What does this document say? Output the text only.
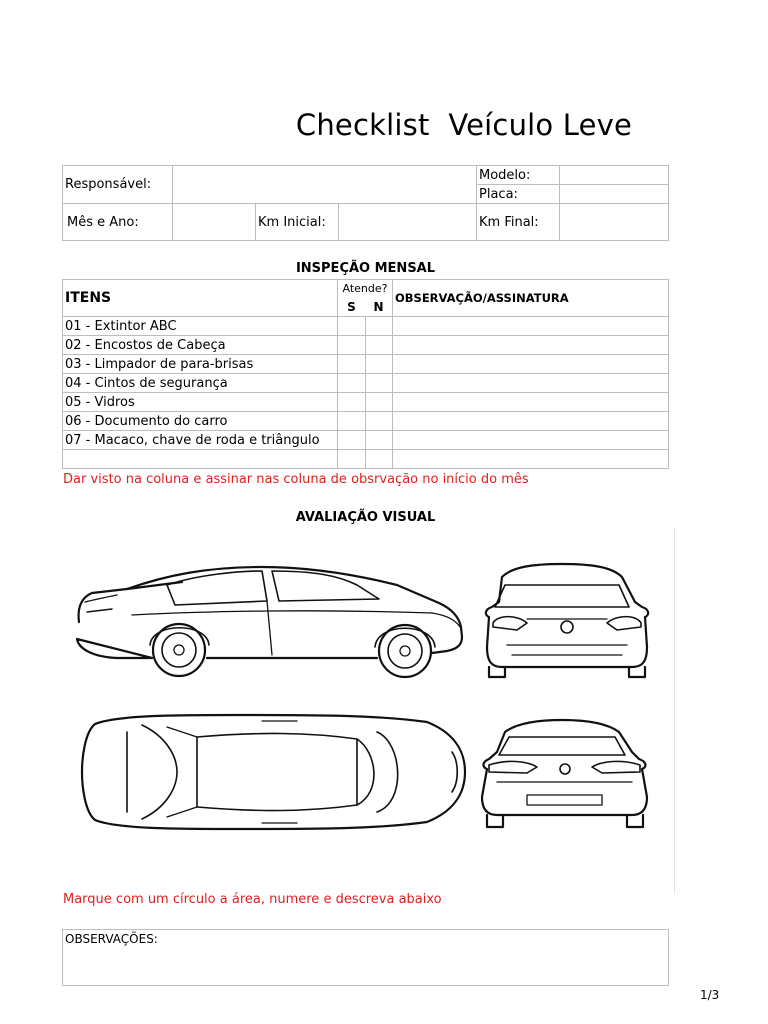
Checklist  Veículo Leve
Responsável:				Modelo:	
				Placa:	
Mês e Ano:		Km Inicial:		Km Final:	
INSPEÇÃO MENSAL
ITENS	Atende?		OBSERVAÇÃO/ASSINATURA
	S	N	
01 - Extintor ABC			
02 - Encostos de Cabeça			
03 - Limpador de para-brisas			
04 - Cintos de segurança			
05 - Vidros			
06 - Documento do carro			
07 - Macaco, chave de roda e triângulo			

Dar visto na coluna e assinar nas coluna de obsrvação no início do mês
AVALIAÇÃO VISUAL
Marque com um círculo a área, numere e descreva abaixo
OBSERVAÇÕES:
1/3
